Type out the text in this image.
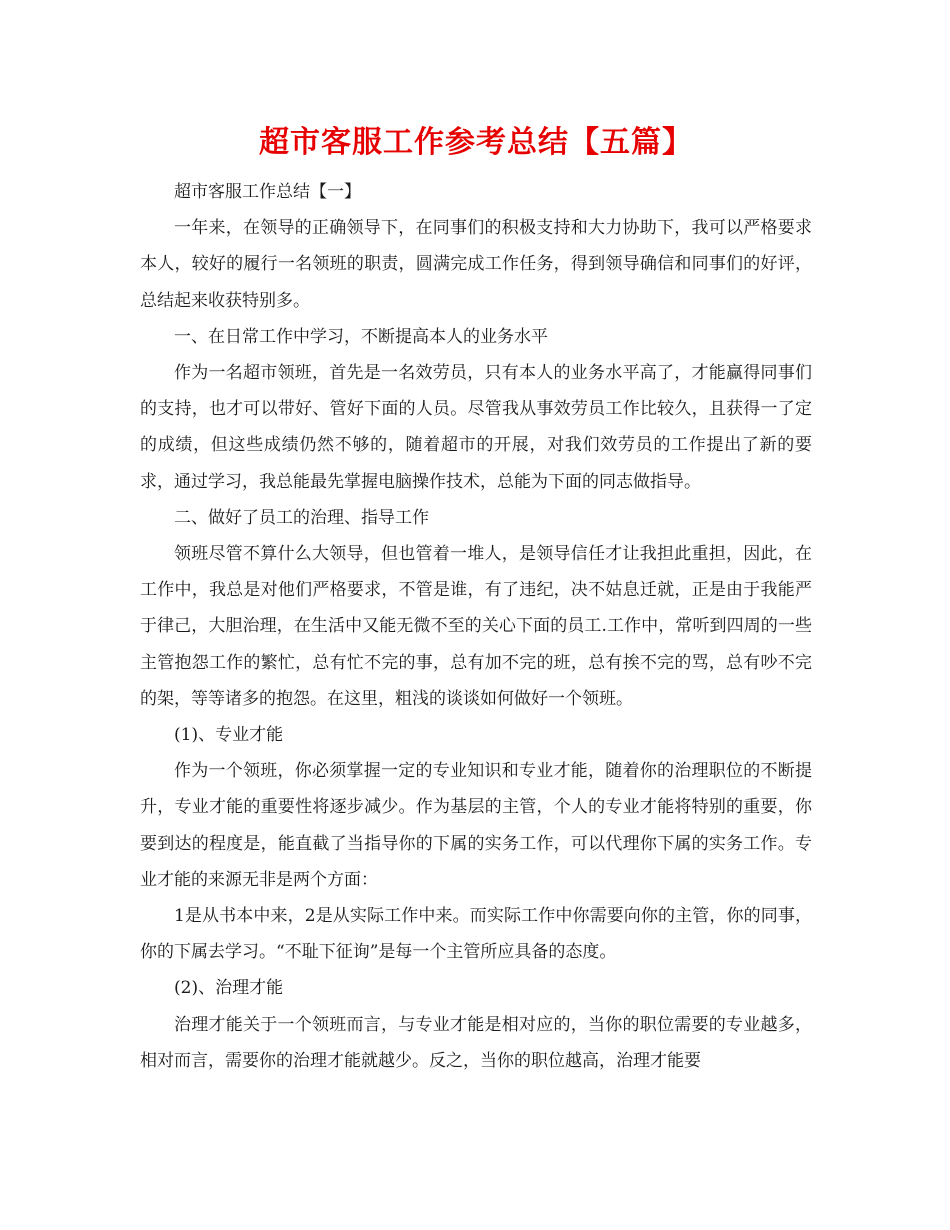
超市客服工作参考总结【五篇】

超市客服工作总结【一】

一年来，在领导的正确领导下，在同事们的积极支持和大力协助下，我可以严格要求本人，较好的履行一名领班的职责，圆满完成工作任务，得到领导确信和同事们的好评，总结起来收获特别多。

一、在日常工作中学习，不断提高本人的业务水平

作为一名超市领班，首先是一名效劳员，只有本人的业务水平高了，才能赢得同事们的支持，也才可以带好、管好下面的人员。尽管我从事效劳员工作比较久，且获得一了定的成绩，但这些成绩仍然不够的，随着超市的开展，对我们效劳员的工作提出了新的要求，通过学习，我总能最先掌握电脑操作技术，总能为下面的同志做指导。

二、做好了员工的治理、指导工作

领班尽管不算什么大领导，但也管着一堆人，是领导信任才让我担此重担，因此，在工作中，我总是对他们严格要求，不管是谁，有了违纪，决不姑息迁就，正是由于我能严于律己，大胆治理，在生活中又能无微不至的关心下面的员工.工作中，常听到四周的一些主管抱怨工作的繁忙，总有忙不完的事，总有加不完的班，总有挨不完的骂，总有吵不完的架，等等诸多的抱怨。在这里，粗浅的谈谈如何做好一个领班。

(1)、专业才能

作为一个领班，你必须掌握一定的专业知识和专业才能，随着你的治理职位的不断提升，专业才能的重要性将逐步减少。作为基层的主管，个人的专业才能将特别的重要，你要到达的程度是，能直截了当指导你的下属的实务工作，可以代理你下属的实务工作。专业才能的来源无非是两个方面：

1是从书本中来，2是从实际工作中来。而实际工作中你需要向你的主管，你的同事，你的下属去学习。“不耻下征询”是每一个主管所应具备的态度。

(2)、治理才能

治理才能关于一个领班而言，与专业才能是相对应的，当你的职位需要的专业越多，相对而言，需要你的治理才能就越少。反之，当你的职位越高，治理才能要
